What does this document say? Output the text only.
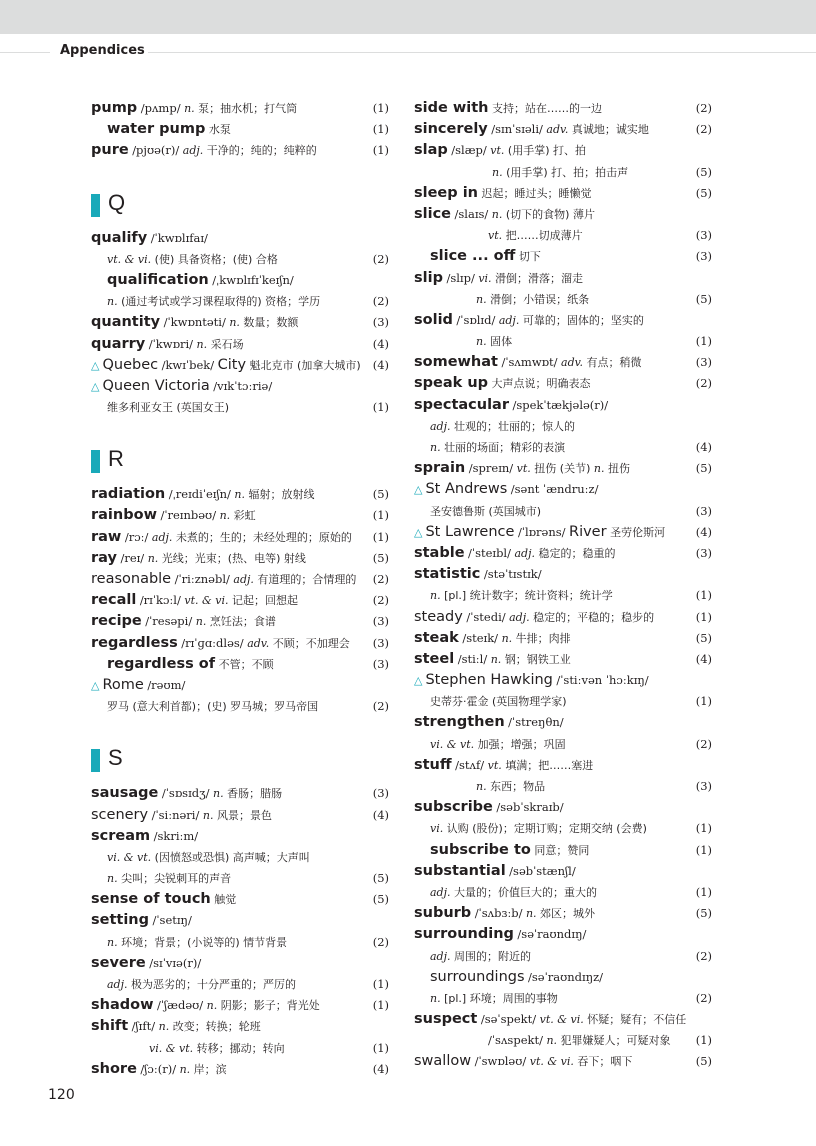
Appendices
pump /pʌmp/ n. 泵；抽水机；打气筒	(1)
water pump 水泵	(1)
pure /pjʊə(r)/ adj. 干净的；纯的；纯粹的	(1)
Q
qualify /ˈkwɒlɪfaɪ/
vt. & vi. (使) 具备资格；(使) 合格	(2)
qualification /ˌkwɒlɪfɪˈkeɪʃn/
n. (通过考试或学习课程取得的) 资格；学历	(2)
quantity /ˈkwɒntəti/ n. 数量；数额	(3)
quarry /ˈkwɒri/ n. 采石场	(4)
△ Quebec /kwɪˈbek/ City 魁北克市 (加拿大城市) (4)
△ Queen Victoria /vɪkˈtɔːriə/
维多利亚女王 (英国女王)	(1)
R
radiation /ˌreɪdiˈeɪʃn/ n. 辐射；放射线	(5)
rainbow /ˈreɪnbəʊ/ n. 彩虹	(1)
raw /rɔː/ adj. 未煮的；生的；未经处理的；原始的 (1)
ray /reɪ/ n. 光线；光束；(热、电等) 射线	(5)
reasonable /ˈriːznəbl/ adj. 有道理的；合情理的 (2)
recall /rɪˈkɔːl/ vt. & vi. 记起；回想起	(2)
recipe /ˈresəpi/ n. 烹饪法；食谱	(3)
regardless /rɪˈɡɑːdləs/ adv. 不顾；不加理会 (3)
regardless of 不管；不顾	(3)
△ Rome /rəʊm/
罗马 (意大利首都)；(史) 罗马城；罗马帝国	(2)
S
sausage /ˈsɒsɪdʒ/ n. 香肠；腊肠	(3)
scenery /ˈsiːnəri/ n. 风景；景色	(4)
scream /skriːm/
vi. & vt. (因愤怒或恐惧) 高声喊；大声叫
n. 尖叫；尖锐刺耳的声音	(5)
sense of touch 触觉	(5)
setting /ˈsetɪŋ/
n. 环境；背景；(小说等的) 情节背景	(2)
severe /sɪˈvɪə(r)/
adj. 极为恶劣的；十分严重的；严厉的	(1)
shadow /ˈʃædəʊ/ n. 阴影；影子；背光处	(1)
shift /ʃɪft/ n. 改变；转换；轮班
vi. & vt. 转移；挪动；转向	(1)
shore /ʃɔː(r)/ n. 岸；滨	(4)
side with 支持；站在……的一边	(2)
sincerely /sɪnˈsɪəli/ adv. 真诚地；诚实地	(2)
slap /slæp/ vt. (用手掌) 打、拍
n. (用手掌) 打、拍；拍击声	(5)
sleep in 迟起；睡过头；睡懒觉	(5)
slice /slaɪs/ n. (切下的食物) 薄片
vt. 把……切成薄片	(3)
slice ... off 切下	(3)
slip /slɪp/ vi. 滑倒；滑落；溜走
n. 滑倒；小错误；纸条	(5)
solid /ˈsɒlɪd/ adj. 可靠的；固体的；坚实的
n. 固体	(1)
somewhat /ˈsʌmwɒt/ adv. 有点；稍微	(3)
speak up 大声点说；明确表态	(2)
spectacular /spekˈtækjələ(r)/
adj. 壮观的；壮丽的；惊人的
n. 壮丽的场面；精彩的表演	(4)
sprain /spreɪn/ vt. 扭伤 (关节) n. 扭伤	(5)
△ St Andrews /sənt ˈændruːz/
圣安德鲁斯 (英国城市)	(3)
△ St Lawrence /ˈlɒrəns/ River 圣劳伦斯河	(4)
stable /ˈsteɪbl/ adj. 稳定的；稳重的	(3)
statistic /stəˈtɪstɪk/
n. [pl.] 统计数字；统计资料；统计学	(1)
steady /ˈstedi/ adj. 稳定的；平稳的；稳步的	(1)
steak /steɪk/ n. 牛排；肉排	(5)
steel /stiːl/ n. 钢；钢铁工业	(4)
△ Stephen Hawking /ˈstiːvən ˈhɔːkɪŋ/
史蒂芬·霍金 (英国物理学家)	(1)
strengthen /ˈstreŋθn/
vi. & vt. 加强；增强；巩固	(2)
stuff /stʌf/ vt. 填满；把……塞进
n. 东西；物品	(3)
subscribe /səbˈskraɪb/
vi. 认购 (股份)；定期订购；定期交纳 (会费)	(1)
subscribe to 同意；赞同	(1)
substantial /səbˈstænʃl/
adj. 大量的；价值巨大的；重大的	(1)
suburb /ˈsʌbɜːb/ n. 郊区；城外	(5)
surrounding /səˈraʊndɪŋ/
adj. 周围的；附近的	(2)
surroundings /səˈraʊndɪŋz/
n. [pl.] 环境；周围的事物	(2)
suspect /səˈspekt/ vt. & vi. 怀疑；疑有；不信任
/ˈsʌspekt/ n. 犯罪嫌疑人；可疑对象 (1)
swallow /ˈswɒləʊ/ vt. & vi. 吞下；咽下	(5)
120
